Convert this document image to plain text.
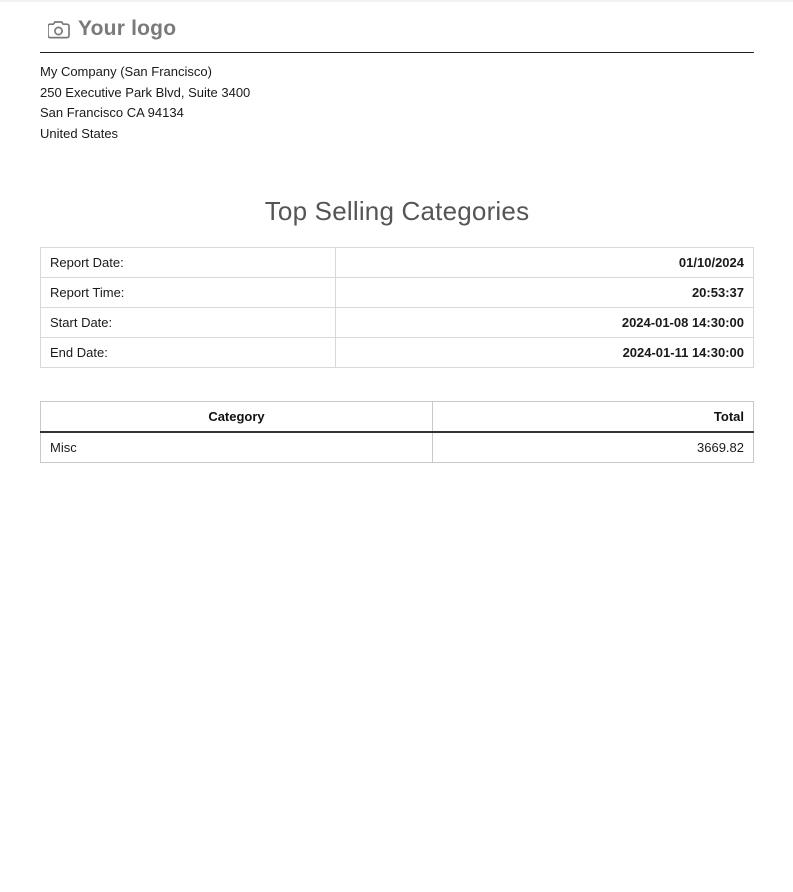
Your logo
My Company (San Francisco)
250 Executive Park Blvd, Suite 3400
San Francisco CA 94134
United States
Top Selling Categories
Report Date:	01/10/2024
Report Time:	20:53:37
Start Date:	2024-01-08 14:30:00
End Date:	2024-01-11 14:30:00
Category	Total
Misc	3669.82
